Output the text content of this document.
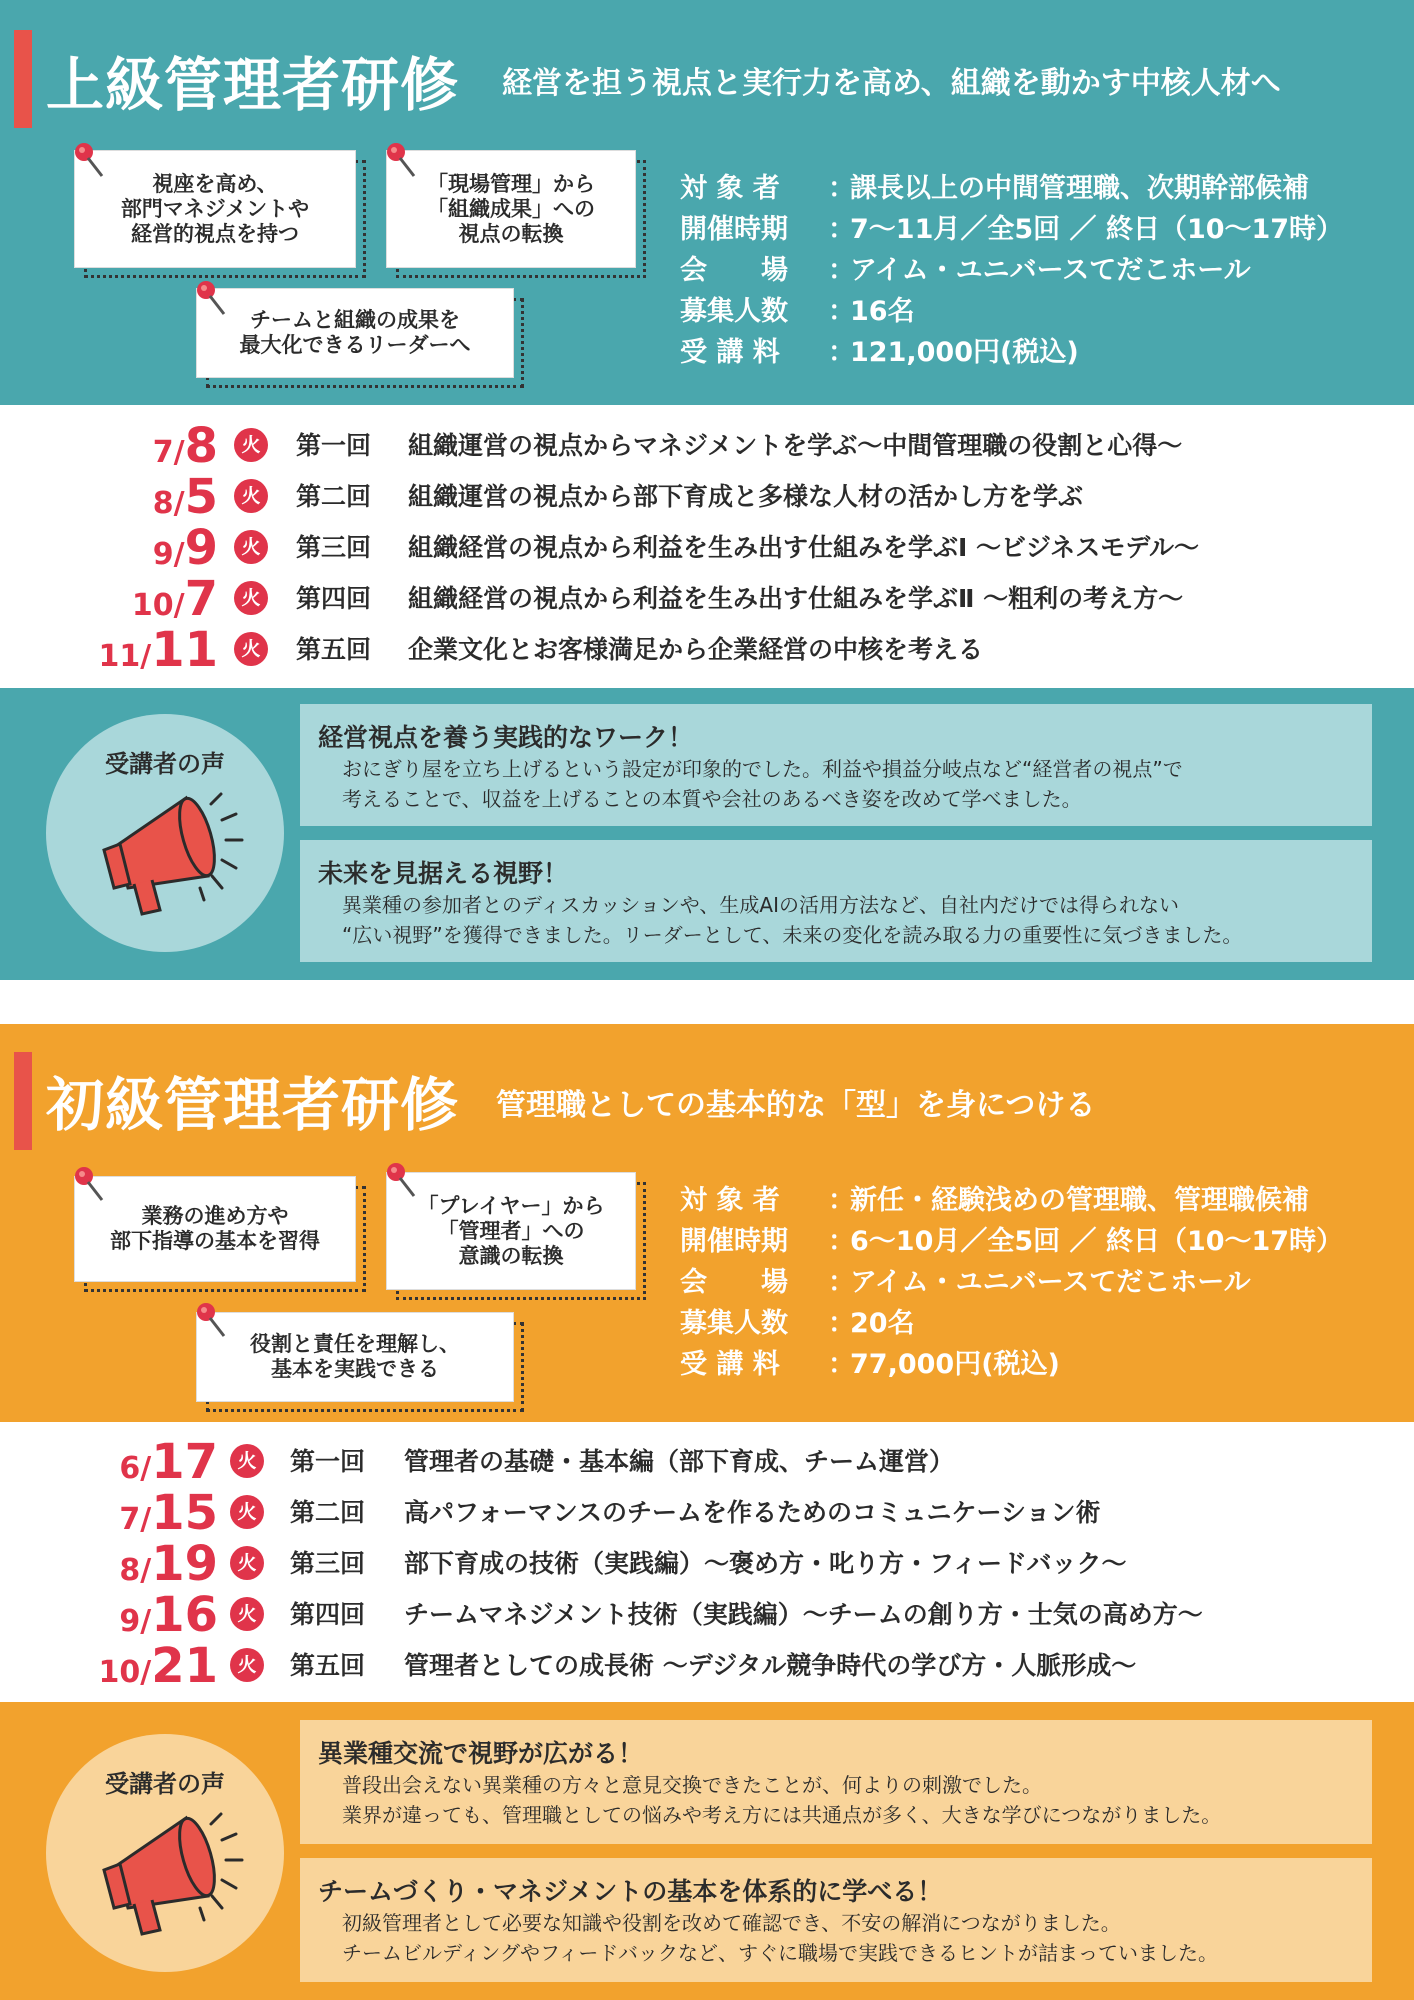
上級管理者研修 経営を担う視点と実行力を高め、組織を動かす中核人材へ
視座を高め、
部門マネジメントや
経営的視点を持つ
「現場管理」から
「組織成果」への
視点の転換
チームと組織の成果を
最大化できるリーダーへ
対 象 者	：
課長以上の中間管理職、次期幹部候補
開催時期	：
7〜11月／全5回 ／ 終日（10〜17時）
会　　場	：
アイム・ユニバースてだこホール
募集人数	：
16名
受 講 料	：
121,000円(税込)
7/ 8	火	第一回 組織運営の視点からマネジメントを学ぶ〜中間管理職の役割と心得〜
8/ 5	火	第二回 組織運営の視点から部下育成と多様な人材の活かし方を学ぶ
9/ 9	火	第三回 組織経営の視点から利益を生み出す仕組みを学ぶⅠ 〜ビジネスモデル〜
10/ 7	火	第四回 組織経営の視点から利益を生み出す仕組みを学ぶⅡ 〜粗利の考え方〜
11/ 11	火	第五回 企業文化とお客様満足から企業経営の中核を考える
受講者の声
経営視点を養う実践的なワーク！
おにぎり屋を立ち上げるという設定が印象的でした。利益や損益分岐点など“経営者の視点”で
考えることで、収益を上げることの本質や会社のあるべき姿を改めて学べました。
未来を見据える視野！
異業種の参加者とのディスカッションや、生成AIの活用方法など、自社内だけでは得られない
“広い視野”を獲得できました。リーダーとして、未来の変化を読み取る力の重要性に気づきました。
初級管理者研修 管理職としての基本的な「型」を身につける
業務の進め方や
部下指導の基本を習得
「プレイヤー」から
「管理者」への
意識の転換
役割と責任を理解し、
基本を実践できる
対 象 者	：
新任・経験浅めの管理職、管理職候補
開催時期	：
6〜10月／全5回 ／ 終日（10〜17時）
会　　場	：
アイム・ユニバースてだこホール
募集人数	：
20名
受 講 料	：
77,000円(税込)
6/ 17	火	第一回 管理者の基礎・基本編（部下育成、チーム運営）
7/ 15	火	第二回 高パフォーマンスのチームを作るためのコミュニケーション術
8/ 19	火	第三回 部下育成の技術（実践編）〜褒め方・叱り方・フィードバック〜
9/ 16	火	第四回 チームマネジメント技術（実践編）〜チームの創り方・士気の高め方〜
10/ 21	火	第五回 管理者としての成長術 〜デジタル競争時代の学び方・人脈形成〜
受講者の声
異業種交流で視野が広がる！
普段出会えない異業種の方々と意見交換できたことが、何よりの刺激でした。
業界が違っても、管理職としての悩みや考え方には共通点が多く、大きな学びにつながりました。
チームづくり・マネジメントの基本を体系的に学べる！
初級管理者として必要な知識や役割を改めて確認でき、不安の解消につながりました。
チームビルディングやフィードバックなど、すぐに職場で実践できるヒントが詰まっていました。
